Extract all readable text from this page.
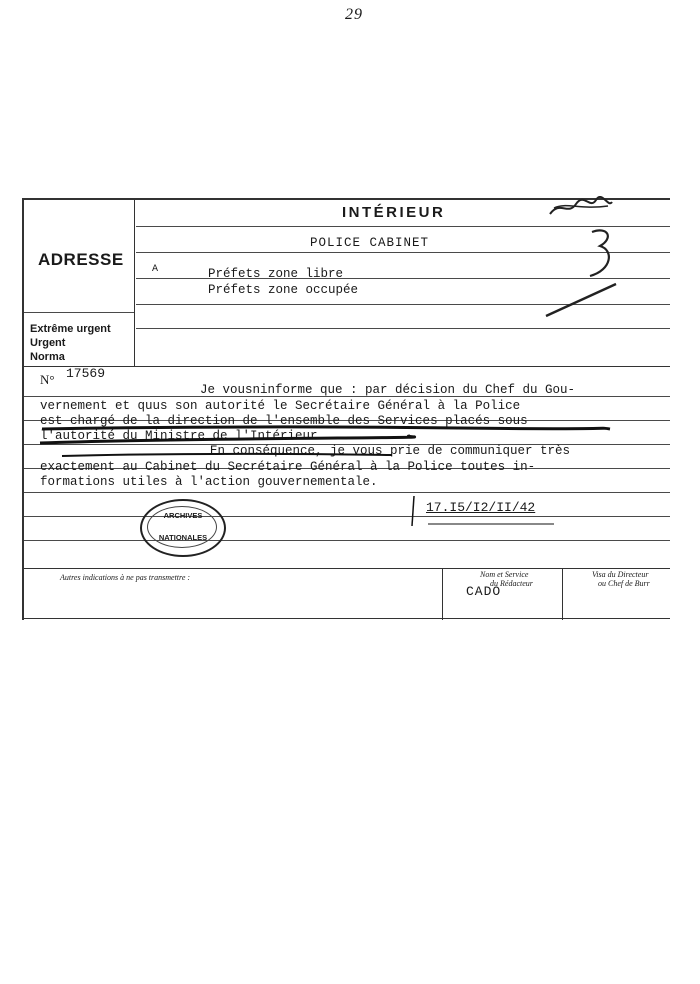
29
INTÉRIEUR
ADRESSE
Extrême urgent
Urgent
Norma
POLICE CABINET
A	Préfets zone libre
Préfets zone occupée
N° 17569
Je vousninforme que : par décision du Chef du Gou-
vernement et quus son autorité le Secrétaire Général à la Police
est chargé de la direction de l'ensemble des Services placés sous
l'autorité du Ministre de l'Intérieur.
En conséquence, je vous prie de communiquer très
exactement au Cabinet du Secrétaire Général à la Police toutes in-
formations utiles à l'action gouvernementale.
17.I5/I2/II/42
ARCHIVES
NATIONALES
Autres indications à ne pas transmettre :	Nom et Service
du Rédacteur
CADO
Visa du Directeur
ou Chef de Burr
